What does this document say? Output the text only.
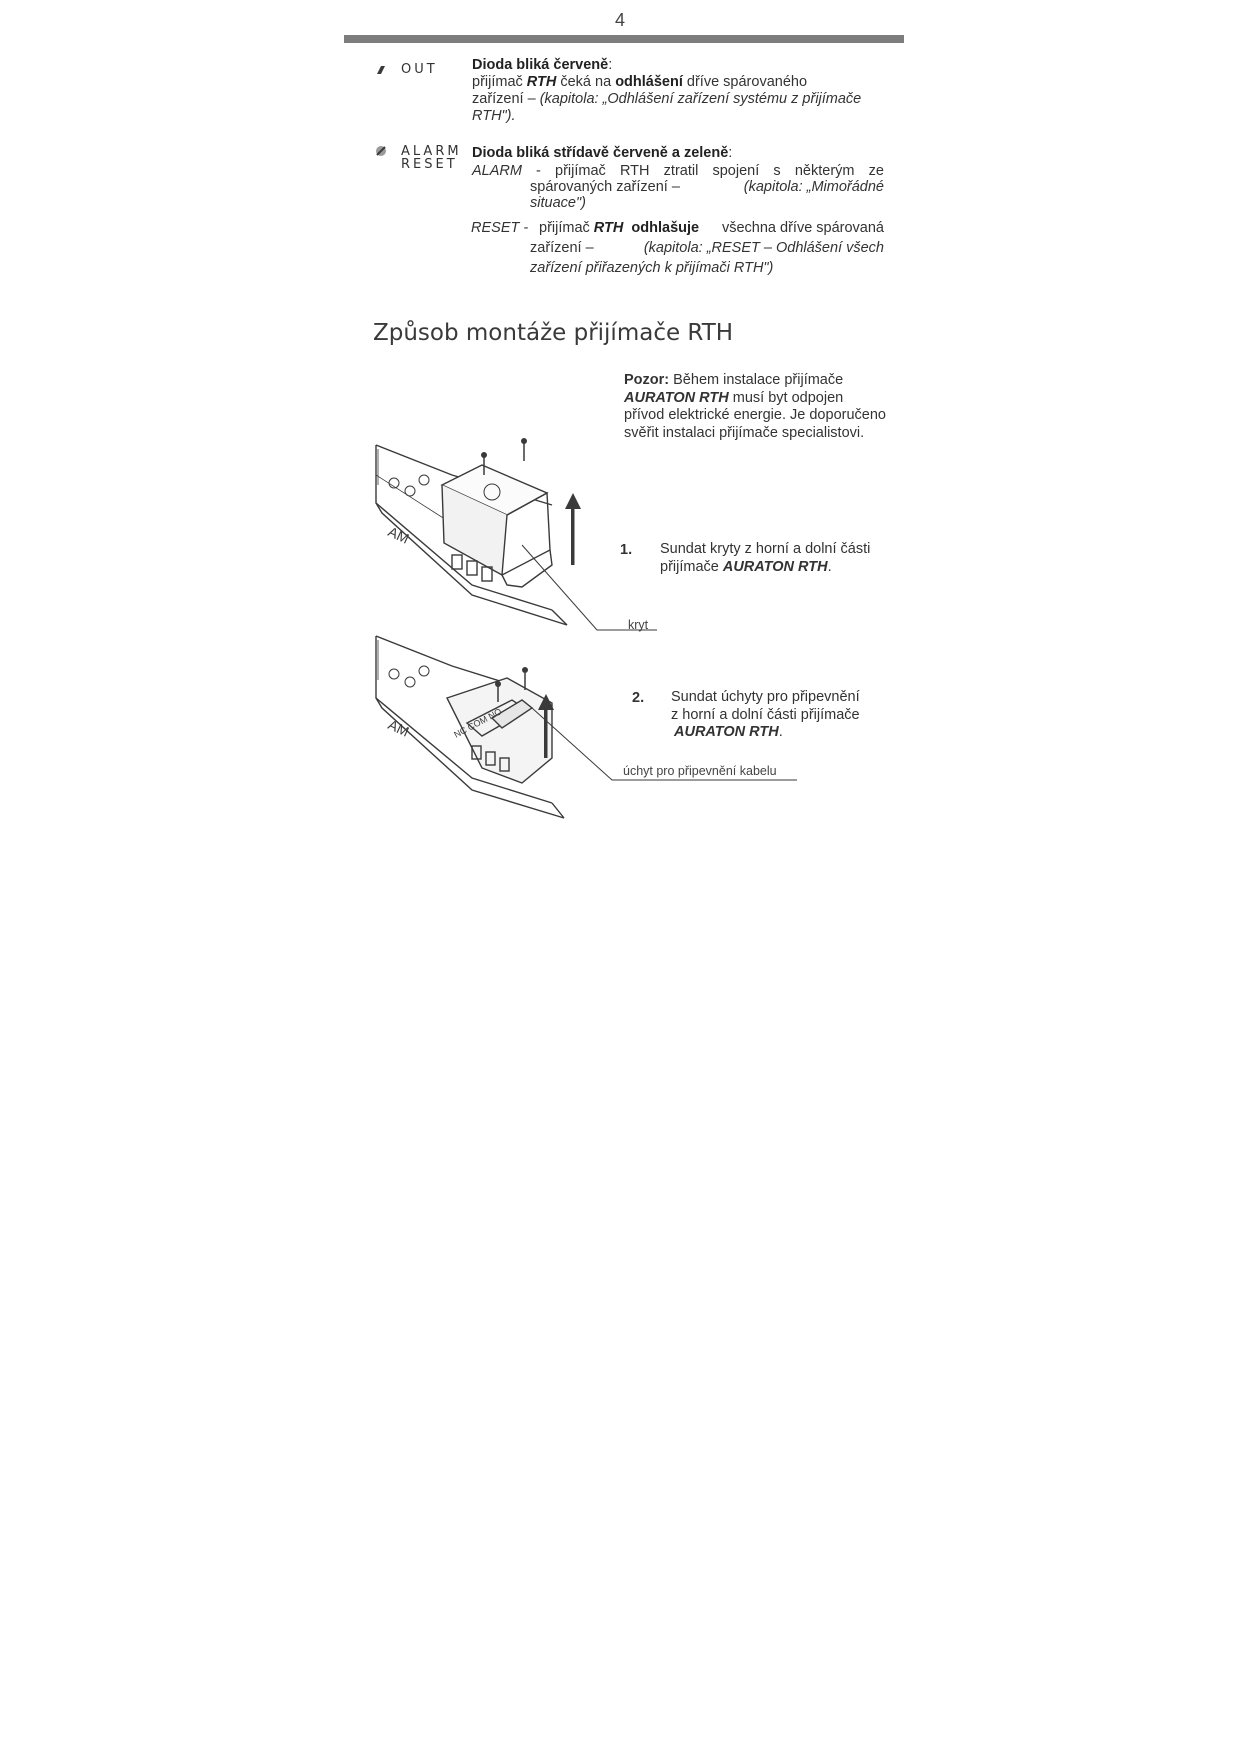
4
OUT Dioda bliká červeně:
přijímač RTH čeká na odhlášení dříve spárovaného
zařízení – (kapitola: „Odhlášení zařízení systému z přijímače
RTH").
ALARM
RESET
Dioda bliká střídavě červeně a zeleně:
ALARM - přijímač RTH ztratil spojení s některým ze
spárovaných zařízení –	(kapitola: „Mimořádné
situace")
RESET - přijímač RTH odhlašuje všechna dříve spárovaná
zařízení –	(kapitola: „RESET – Odhlášení všech
zařízení přiřazených k přijímači RTH")
Způsob montáže přijímače RTH
Pozor: Během instalace přijímače AURATON RTH musí byt odpojen přívod elektrické energie. Je doporučeno svěřit instalaci přijímače specialistovi.
1. Sundat kryty z horní a dolní části
přijímače AURATON RTH.
2. Sundat úchyty pro připevnění
z horní a dolní části přijímače
AURATON RTH.
AM
kryt
AM	NC COM NO
úchyt pro připevnění kabelu
